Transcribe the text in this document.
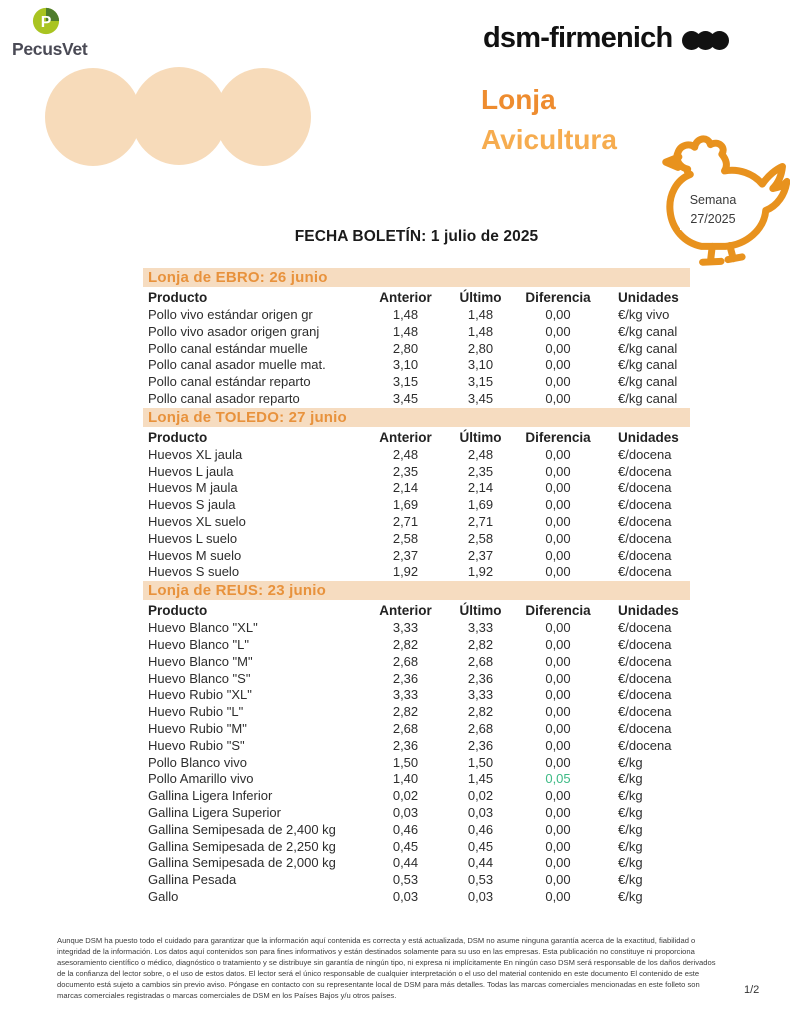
P
PecusVet	dsm-firmenich
Lonja
Avicultura
Semana
27/2025
FECHA BOLETÍN: 1 julio de 2025
Lonja de EBRO: 26 junio
Producto	Anterior	Último	Diferencia	Unidades
Pollo vivo estándar origen gr	1,48	1,48	0,00	€/kg vivo
Pollo vivo asador origen granj	1,48	1,48	0,00	€/kg canal
Pollo canal estándar muelle	2,80	2,80	0,00	€/kg canal
Pollo canal asador muelle mat.	3,10	3,10	0,00	€/kg canal
Pollo canal estándar reparto	3,15	3,15	0,00	€/kg canal
Pollo canal asador reparto	3,45	3,45	0,00	€/kg canal
Lonja de TOLEDO: 27 junio
Producto	Anterior	Último	Diferencia	Unidades
Huevos XL jaula	2,48	2,48	0,00	€/docena
Huevos L jaula	2,35	2,35	0,00	€/docena
Huevos M jaula	2,14	2,14	0,00	€/docena
Huevos S jaula	1,69	1,69	0,00	€/docena
Huevos XL suelo	2,71	2,71	0,00	€/docena
Huevos L suelo	2,58	2,58	0,00	€/docena
Huevos M suelo	2,37	2,37	0,00	€/docena
Huevos S suelo	1,92	1,92	0,00	€/docena
Lonja de REUS: 23 junio
Producto	Anterior	Último	Diferencia	Unidades
Huevo Blanco "XL"	3,33	3,33	0,00	€/docena
Huevo Blanco "L"	2,82	2,82	0,00	€/docena
Huevo Blanco "M"	2,68	2,68	0,00	€/docena
Huevo Blanco "S"	2,36	2,36	0,00	€/docena
Huevo Rubio "XL"	3,33	3,33	0,00	€/docena
Huevo Rubio "L"	2,82	2,82	0,00	€/docena
Huevo Rubio "M"	2,68	2,68	0,00	€/docena
Huevo Rubio "S"	2,36	2,36	0,00	€/docena
Pollo Blanco vivo	1,50	1,50	0,00	€/kg
Pollo Amarillo vivo	1,40	1,45	0,05	€/kg
Gallina Ligera Inferior	0,02	0,02	0,00	€/kg
Gallina Ligera Superior	0,03	0,03	0,00	€/kg
Gallina Semipesada de 2,400 kg	0,46	0,46	0,00	€/kg
Gallina Semipesada de 2,250 kg	0,45	0,45	0,00	€/kg
Gallina Semipesada de 2,000 kg	0,44	0,44	0,00	€/kg
Gallina Pesada	0,53	0,53	0,00	€/kg
Gallo	0,03	0,03	0,00	€/kg
Aunque DSM ha puesto todo el cuidado para garantizar que la información aquí contenida es correcta y está actualizada, DSM no asume ninguna garantía acerca de la exactitud, fiabilidad o integridad de la información. Los datos aquí contenidos son para fines informativos y están destinados solamente para su uso en las empresas. Esta publicación no constituye ni proporciona asesoramiento científico o médico, diagnóstico o tratamiento y se distribuye sin garantía de ningún tipo, ni expresa ni implícitamente En ningún caso DSM será responsable de los daños derivados de la confianza del lector sobre, o el uso de estos datos. El lector será el único responsable de cualquier interpretación o el uso del material contenido en este documento El contenido de este documento está sujeto a cambios sin previo aviso. Póngase en contacto con su representante local de DSM para más detalles. Todas las marcas comerciales mencionadas en este folleto son marcas comerciales registradas o marcas comerciales de DSM en los Países Bajos y/u otros países.	1/2
